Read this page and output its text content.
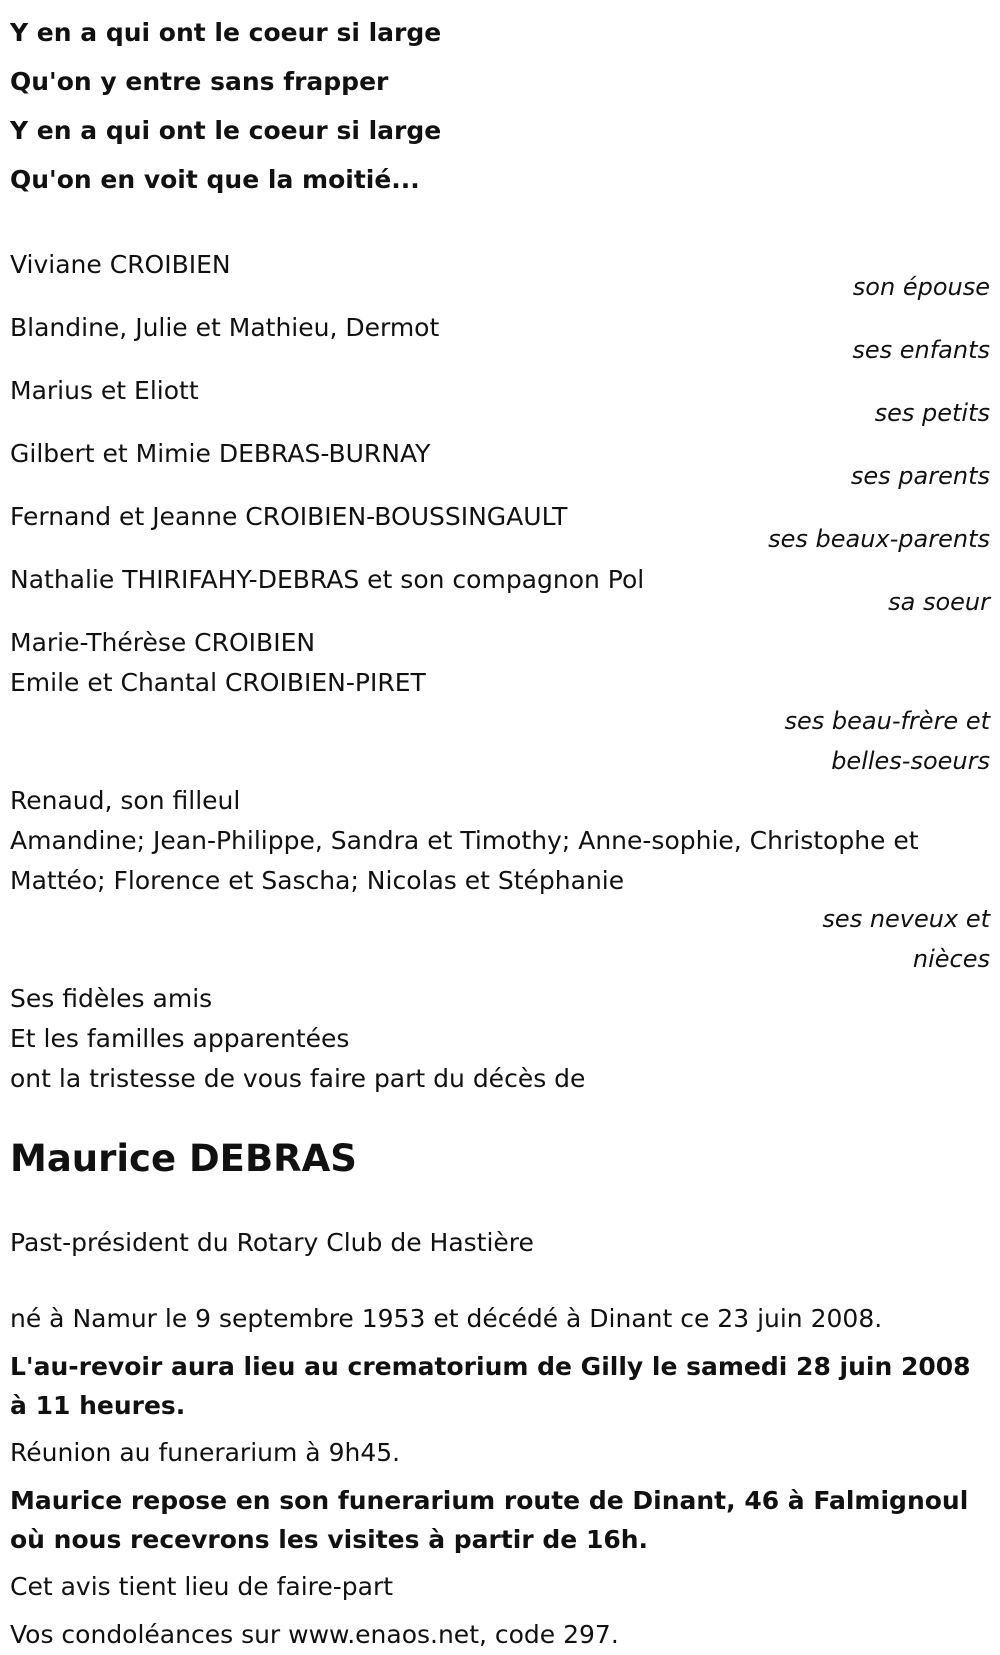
Y en a qui ont le coeur si large
Qu'on y entre sans frapper
Y en a qui ont le coeur si large
Qu'on en voit que la moitié...
Viviane CROIBIEN
son épouse
Blandine, Julie et Mathieu, Dermot
ses enfants
Marius et Eliott
ses petits
Gilbert et Mimie DEBRAS-BURNAY
ses parents
Fernand et Jeanne CROIBIEN-BOUSSINGAULT
ses beaux-parents
Nathalie THIRIFAHY-DEBRAS et son compagnon Pol
sa soeur
Marie-Thérèse CROIBIEN
Emile et Chantal CROIBIEN-PIRET
ses beau-frère et
belles-soeurs
Renaud, son filleul
Amandine; Jean-Philippe, Sandra et Timothy; Anne-sophie, Christophe et
Mattéo; Florence et Sascha; Nicolas et Stéphanie
ses neveux et
nièces
Ses fidèles amis
Et les familles apparentées
ont la tristesse de vous faire part du décès de
Maurice DEBRAS
Past-président du Rotary Club de Hastière
né à Namur le 9 septembre 1953 et décédé à Dinant ce 23 juin 2008.
L'au-revoir aura lieu au crematorium de Gilly le samedi 28 juin 2008 à 11 heures.
Réunion au funerarium à 9h45.
Maurice repose en son funerarium route de Dinant, 46 à Falmignoul où nous recevrons les visites à partir de 16h.
Cet avis tient lieu de faire-part
Vos condoléances sur www.enaos.net, code 297.
